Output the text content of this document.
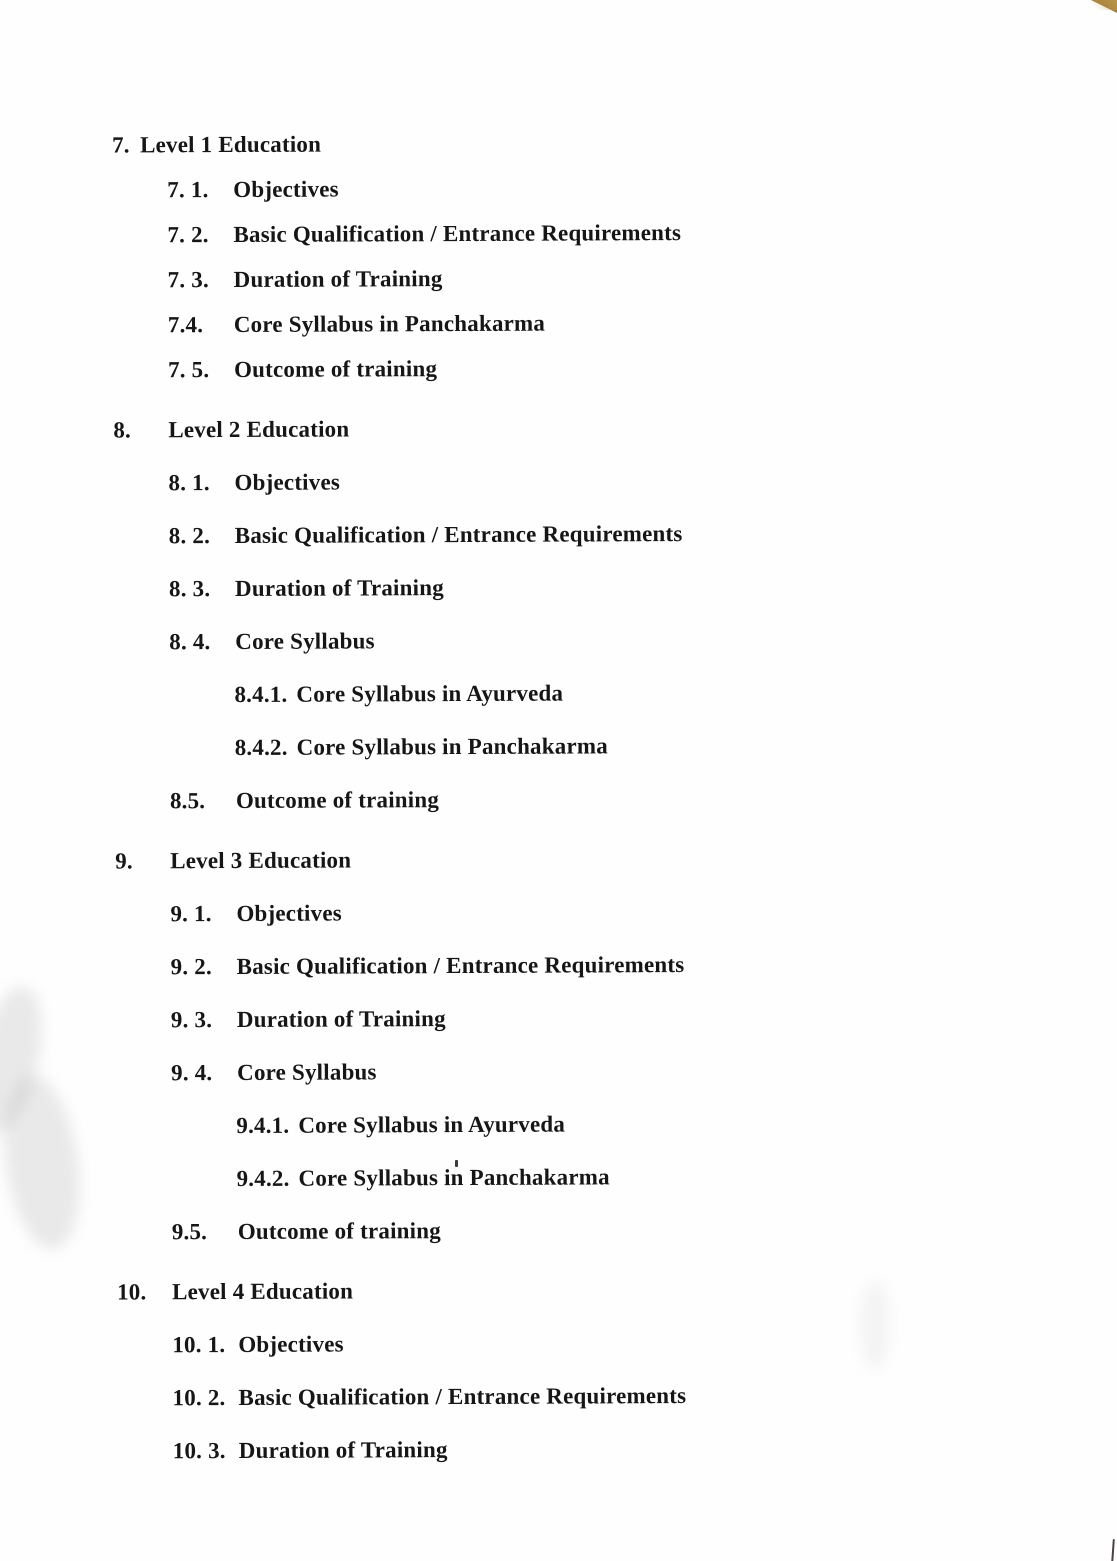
7. Level 1 Education
7. 1. Objectives
7. 2. Basic Qualification / Entrance Requirements
7. 3. Duration of Training
7.4. Core Syllabus in Panchakarma
7. 5. Outcome of training
8. Level 2 Education
8. 1. Objectives
8. 2. Basic Qualification / Entrance Requirements
8. 3. Duration of Training
8. 4. Core Syllabus
8.4.1. Core Syllabus in Ayurveda
8.4.2. Core Syllabus in Panchakarma
8.5. Outcome of training
9. Level 3 Education
9. 1. Objectives
9. 2. Basic Qualification / Entrance Requirements
9. 3. Duration of Training
9. 4. Core Syllabus
9.4.1. Core Syllabus in Ayurveda
9.4.2. Core Syllabus in Panchakarma
9.5. Outcome of training
10. Level 4 Education
10. 1. Objectives
10. 2. Basic Qualification / Entrance Requirements
10. 3. Duration of Training
